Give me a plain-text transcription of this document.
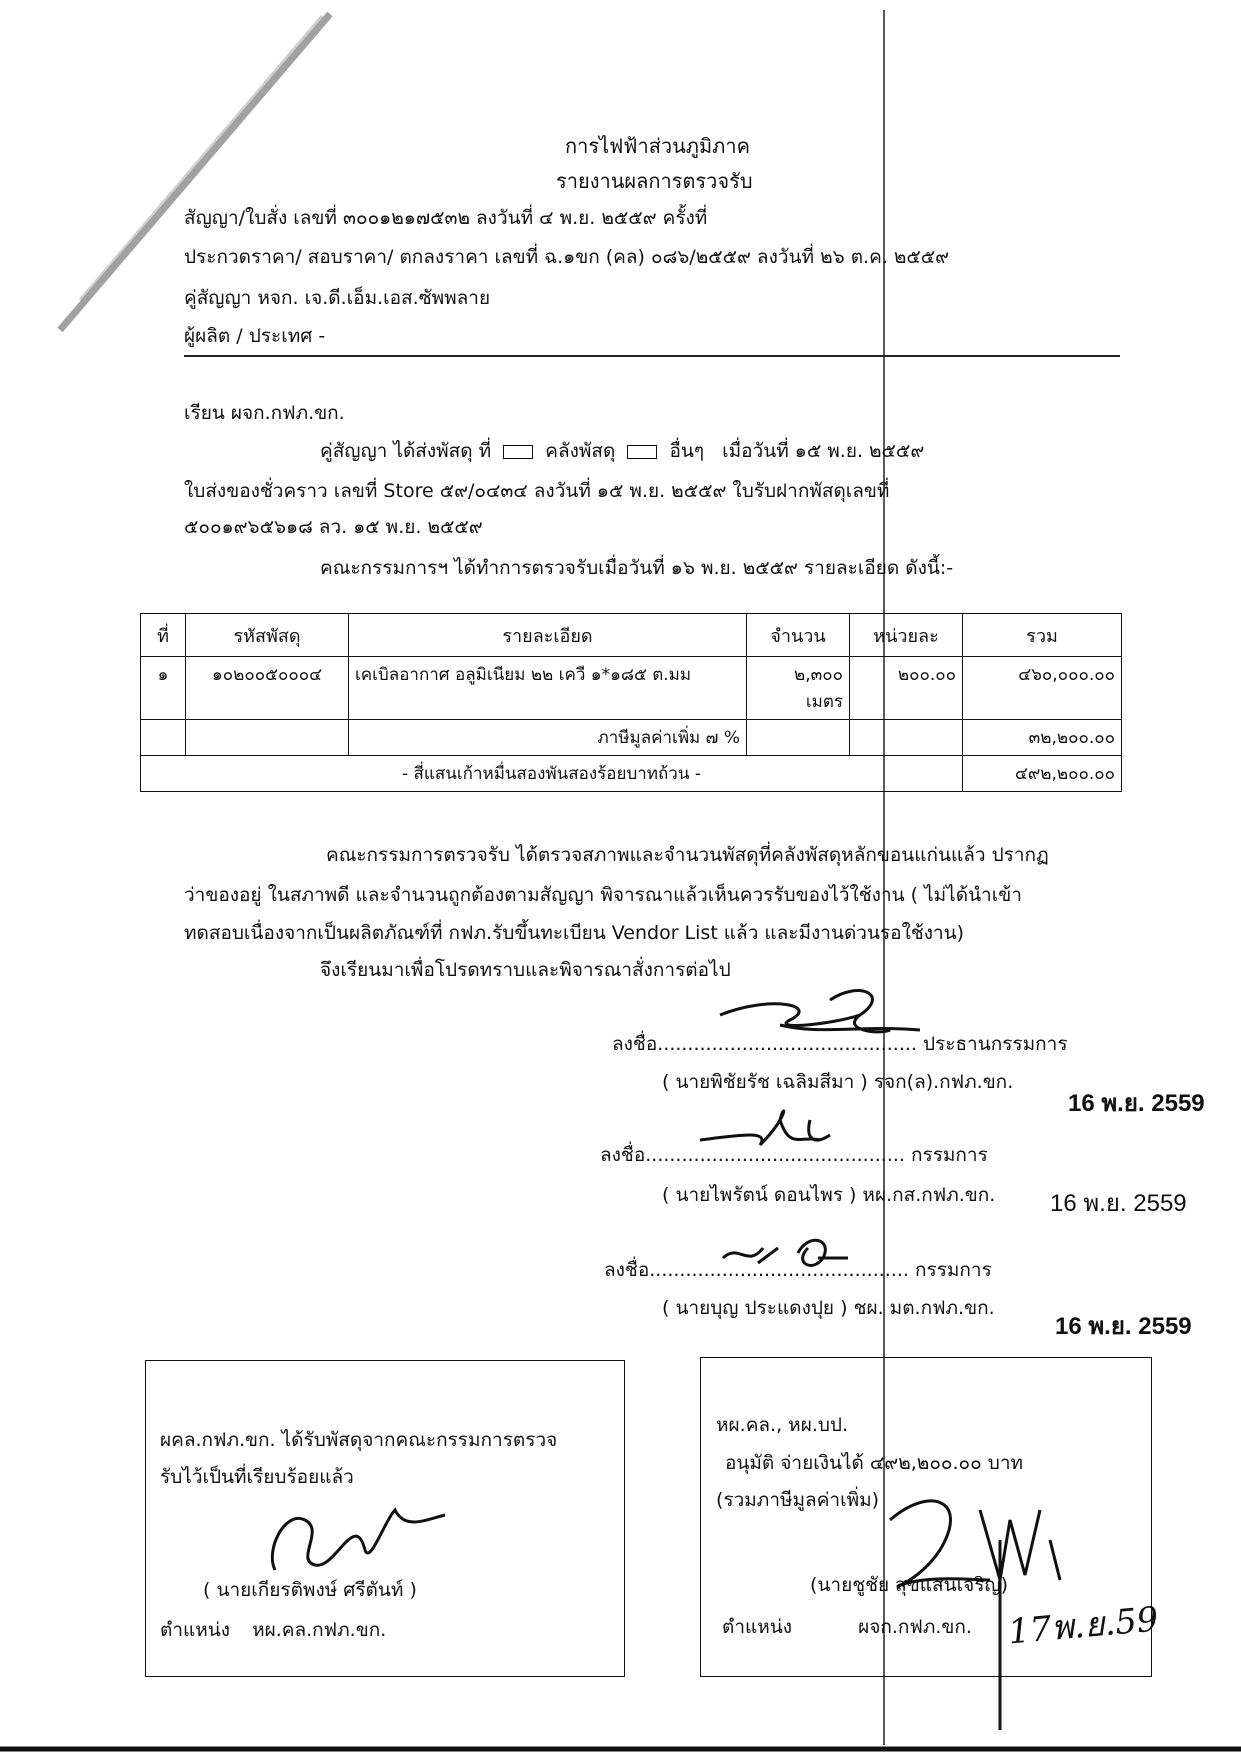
การไฟฟ้าส่วนภูมิภาค
รายงานผลการตรวจรับ
สัญญา/ใบสั่ง เลขที่ ๓๐๐๑๒๑๗๕๓๒ ลงวันที่ ๔ พ.ย. ๒๕๕๙ ครั้งที่
ประกวดราคา/ สอบราคา/ ตกลงราคา เลขที่ ฉ.๑ขก (คล) ๐๘๖/๒๕๕๙ ลงวันที่ ๒๖ ต.ค. ๒๕๕๙
คู่สัญญา หจก. เจ.ดี.เอ็ม.เอส.ซัพพลาย
ผู้ผลิต / ประเทศ -
เรียน ผจก.กฟภ.ขก.
คู่สัญญา ได้ส่งพัสดุ ที่	คลังพัสดุ	อื่นๆ เมื่อวันที่ ๑๕ พ.ย. ๒๕๕๙
ใบส่งของชั่วคราว เลขที่ Store ๕๙/๐๔๓๔ ลงวันที่ ๑๕ พ.ย. ๒๕๕๙ ใบรับฝากพัสดุเลขที่
๕๐๐๑๙๖๕๖๑๘ ลว. ๑๕ พ.ย. ๒๕๕๙
คณะกรรมการฯ ได้ทำการตรวจรับเมื่อวันที่ ๑๖ พ.ย. ๒๕๕๙ รายละเอียด ดังนี้:-
ที่	รหัสพัสดุ	รายละเอียด	จำนวน	หน่วยละ	รวม
๑	๑๐๒๐๐๕๐๐๐๔	เคเบิลอากาศ อลูมิเนียม ๒๒ เควี ๑*๑๘๕ ต.มม	๒,๓๐๐
เมตร	๒๐๐.๐๐	๔๖๐,๐๐๐.๐๐
		ภาษีมูลค่าเพิ่ม ๗ %			๓๒,๒๐๐.๐๐
- สี่แสนเก้าหมื่นสองพันสองร้อยบาทถ้วน -					๔๙๒,๒๐๐.๐๐
คณะกรรมการตรวจรับ ได้ตรวจสภาพและจำนวนพัสดุที่คลังพัสดุหลักขอนแก่นแล้ว ปรากฏ
ว่าของอยู่ ในสภาพดี และจำนวนถูกต้องตามสัญญา พิจารณาแล้วเห็นควรรับของไว้ใช้งาน ( ไม่ได้นำเข้า
ทดสอบเนื่องจากเป็นผลิตภัณฑ์ที่ กฟภ.รับขึ้นทะเบียน Vendor List แล้ว และมีงานด่วนรอใช้งาน)
จึงเรียนมาเพื่อโปรดทราบและพิจารณาสั่งการต่อไป
ลงชื่อ........................................... ประธานกรรมการ
( นายพิชัยรัช เฉลิมสีมา ) รจก(ล).กฟภ.ขก.
16 พ.ย. 2559
ลงชื่อ........................................... กรรมการ
( นายไพรัตน์ ดอนไพร ) หผ.กส.กฟภ.ขก. 16 พ.ย. 2559
ลงชื่อ........................................... กรรมการ
( นายบุญ ประแดงปุย ) ชผ. มต.กฟภ.ขก.
16 พ.ย. 2559
ผคล.กฟภ.ขก. ได้รับพัสดุจากคณะกรรมการตรวจ
รับไว้เป็นที่เรียบร้อยแล้ว
( นายเกียรติพงษ์ ศรีตันท์ )
ตำแหน่ง หผ.คล.กฟภ.ขก.
หผ.คล., หผ.บป.
อนุมัติ จ่ายเงินได้ ๔๙๒,๒๐๐.๐๐ บาท
(รวมภาษีมูลค่าเพิ่ม)
(นายชูชัย สุขแสนเจริญ)
ตำแหน่ง	ผจก.กฟภ.ขก. 17พ.ย.59
